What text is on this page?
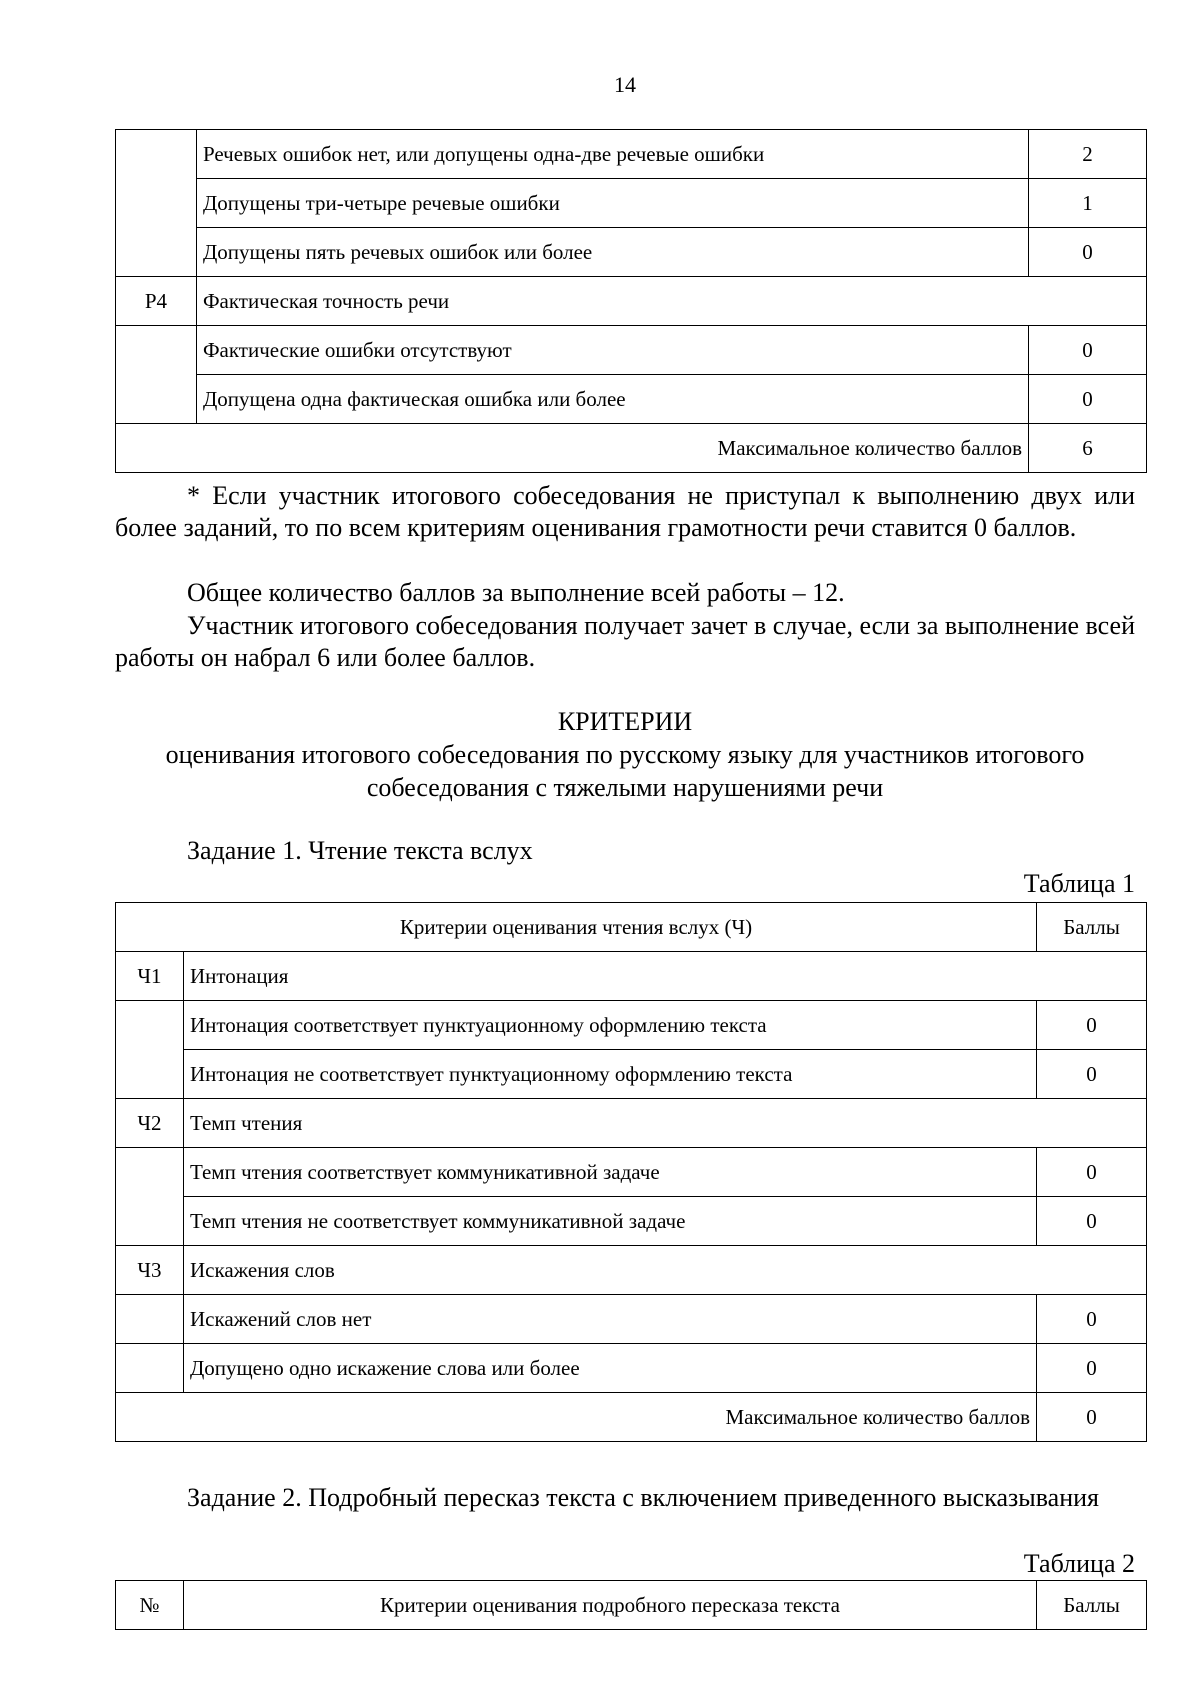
14
	Речевых ошибок нет, или допущены одна-две речевые ошибки	2
	Допущены три-четыре речевые ошибки	1
	Допущены пять речевых ошибок или более	0
Р4	Фактическая точность речи	
	Фактические ошибки отсутствуют	0
	Допущена одна фактическая ошибка или более	0
Максимальное количество баллов		6
* Если участник итогового собеседования не приступал к выполнению двух или более заданий, то по всем критериям оценивания грамотности речи ставится 0 баллов.
Общее количество баллов за выполнение всей работы – 12.
Участник итогового собеседования получает зачет в случае, если за выполнение всей работы он набрал 6 или более баллов.
КРИТЕРИИ
оценивания итогового собеседования по русскому языку для участников итогового
собеседования с тяжелыми нарушениями речи
Задание 1. Чтение текста вслух
Таблица 1
Критерии оценивания чтения вслух (Ч)		Баллы
Ч1	Интонация	
	Интонация соответствует пунктуационному оформлению текста	0
	Интонация не соответствует пунктуационному оформлению текста	0
Ч2	Темп чтения	
	Темп чтения соответствует коммуникативной задаче	0
	Темп чтения не соответствует коммуникативной задаче	0
Ч3	Искажения слов	
	Искажений слов нет	0
	Допущено одно искажение слова или более	0
Максимальное количество баллов		0
Задание 2. Подробный пересказ текста с включением приведенного высказывания
Таблица 2
№	Критерии оценивания подробного пересказа текста	Баллы
